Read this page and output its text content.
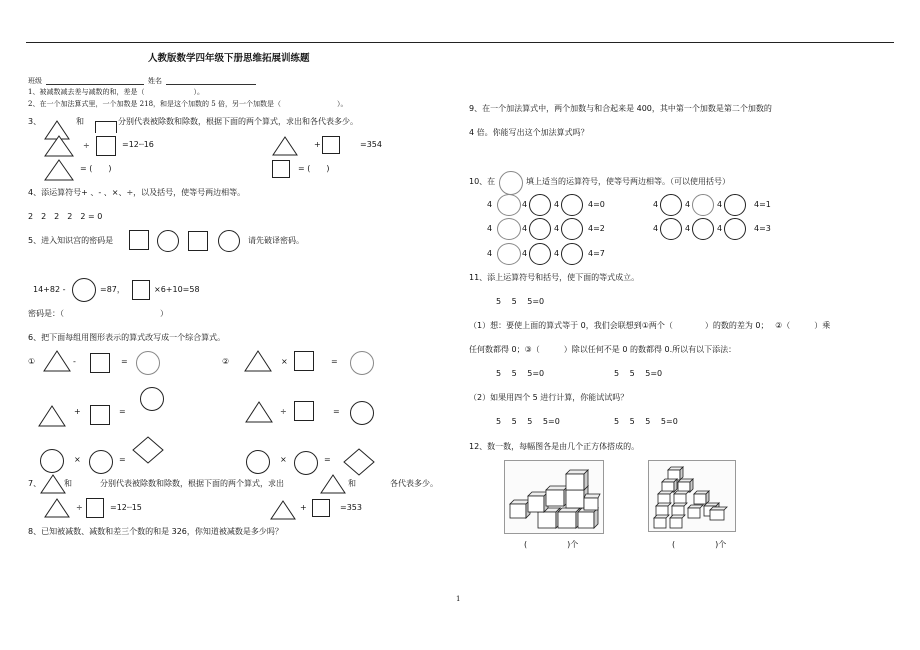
人教版数学四年级下册思维拓展训练题
班级	姓名
1、被减数减去差与减数的和，差是（　　　　　　　）。
2、在一个加法算式里，一个加数是 218，和是这个加数的 5 倍，另一个加数是（　　　　　　　　）。
3、	和	分别代表被除数和除数，根据下面的两个算式，求出和各代表多少。
÷	=12┈16	+	=354
= (　　)	= (　　)
4、添运算符号+ 、- 、×、÷，以及括号，使等号两边相等。
2　2　2　2　2 = 0
5、进入知识宫的密码是	请先破译密码。
14+82 -	=87，	×6+10=58
密码是：（　　　　　　　　　　　　）
6、把下面每组用图形表示的算式改写成一个综合算式。
①	-	=	②	×	=
+	=	÷	=
×	=	×	=
7、	和	分别代表被除数和除数，根据下面的两个算式，求出	和	各代表多少。
÷	=12┈15	+	=353
8、已知被减数、减数和差三个数的和是 326，你知道被减数是多少吗？
9、在一个加法算式中，两个加数与和合起来是 400，其中第一个加数是第二个加数的
4 倍。你能写出这个加法算式吗？
10、在	填上适当的运算符号，使等号两边相等。（可以使用括号）
4	4	4	4=0	4	4	4	4=1
4	4	4	4=2	4	4	4	4=3
4	4	4	4=7
11、添上运算符号和括号，使下面的等式成立。
5　 5　 5=0
（1）想：要使上面的算式等于 0，我们会联想到①两个（　　　　）的数的差为 0；　 ②（　　　）乘
任何数都得 0；③（　　　）除以任何不是 0 的数都得 0.所以有以下添法：
5　 5　 5=0	5　 5　 5=0
（2）如果用四个 5 进行计算，你能试试吗？
5　 5　 5　 5=0	5　 5　 5　 5=0
12、数一数，每幅图各是由几个正方体搭成的。
(　　　　　)个	(　　　　　)个
1
